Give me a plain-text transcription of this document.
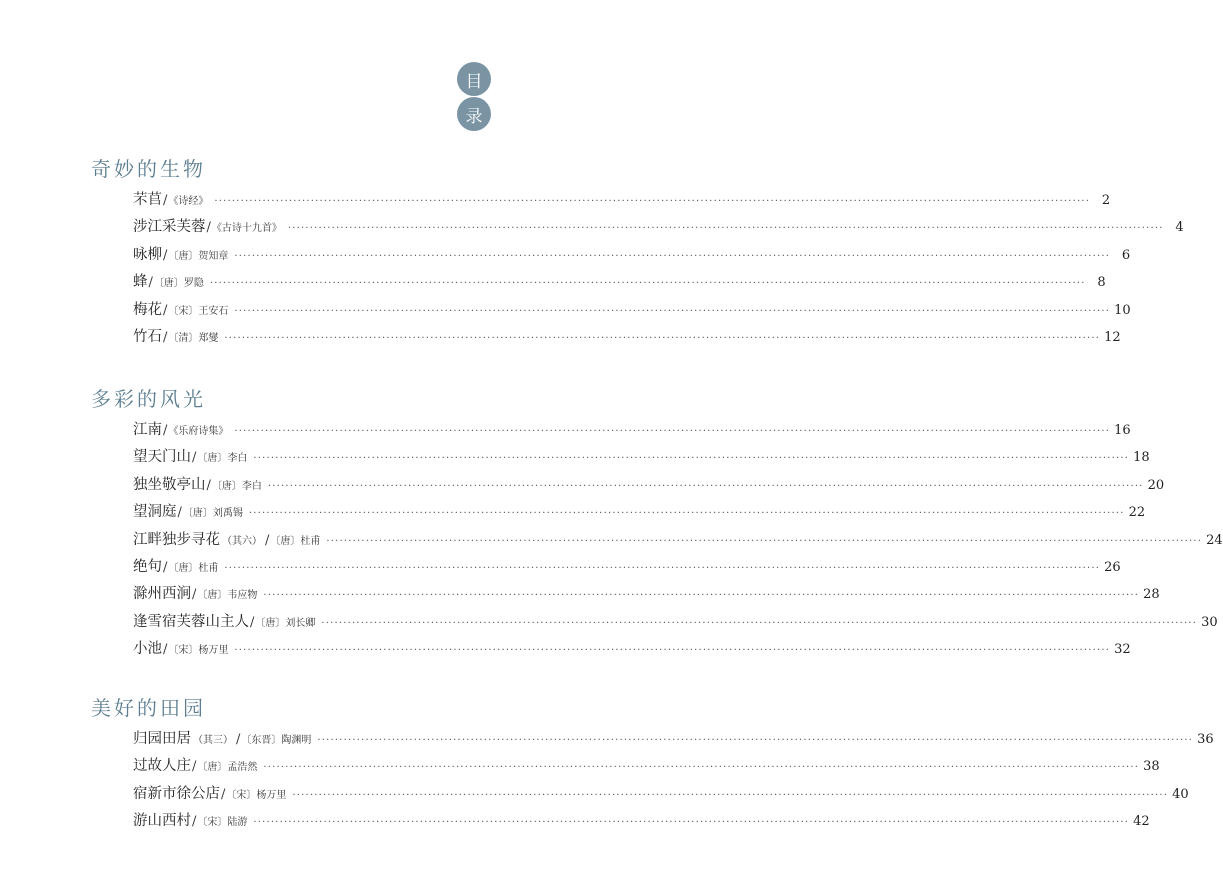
目
录
奇妙的生物
芣苢 / 《诗经》 ········································································································································································································ 2
涉江采芙蓉 / 《古诗十九首》 ········································································································································································································ 4
咏柳 / 〔唐〕贺知章 ········································································································································································································ 6
蜂 / 〔唐〕罗隐 ········································································································································································································ 8
梅花 / 〔宋〕王安石 ········································································································································································································ 10
竹石 / 〔清〕郑燮 ········································································································································································································ 12
多彩的风光
江南 / 《乐府诗集》 ········································································································································································································ 16
望天门山 / 〔唐〕李白 ········································································································································································································ 18
独坐敬亭山 / 〔唐〕李白 ········································································································································································································ 20
望洞庭 / 〔唐〕刘禹锡 ········································································································································································································ 22
江畔独步寻花 （其六） / 〔唐〕杜甫 ········································································································································································································ 24
绝句 / 〔唐〕杜甫 ········································································································································································································ 26
滁州西涧 / 〔唐〕韦应物 ········································································································································································································ 28
逢雪宿芙蓉山主人 / 〔唐〕刘长卿 ········································································································································································································ 30
小池 / 〔宋〕杨万里 ········································································································································································································ 32
美好的田园
归园田居 （其三） / 〔东晋〕陶渊明 ········································································································································································································ 36
过故人庄 / 〔唐〕孟浩然 ········································································································································································································ 38
宿新市徐公店 / 〔宋〕杨万里 ········································································································································································································ 40
游山西村 / 〔宋〕陆游 ········································································································································································································ 42
